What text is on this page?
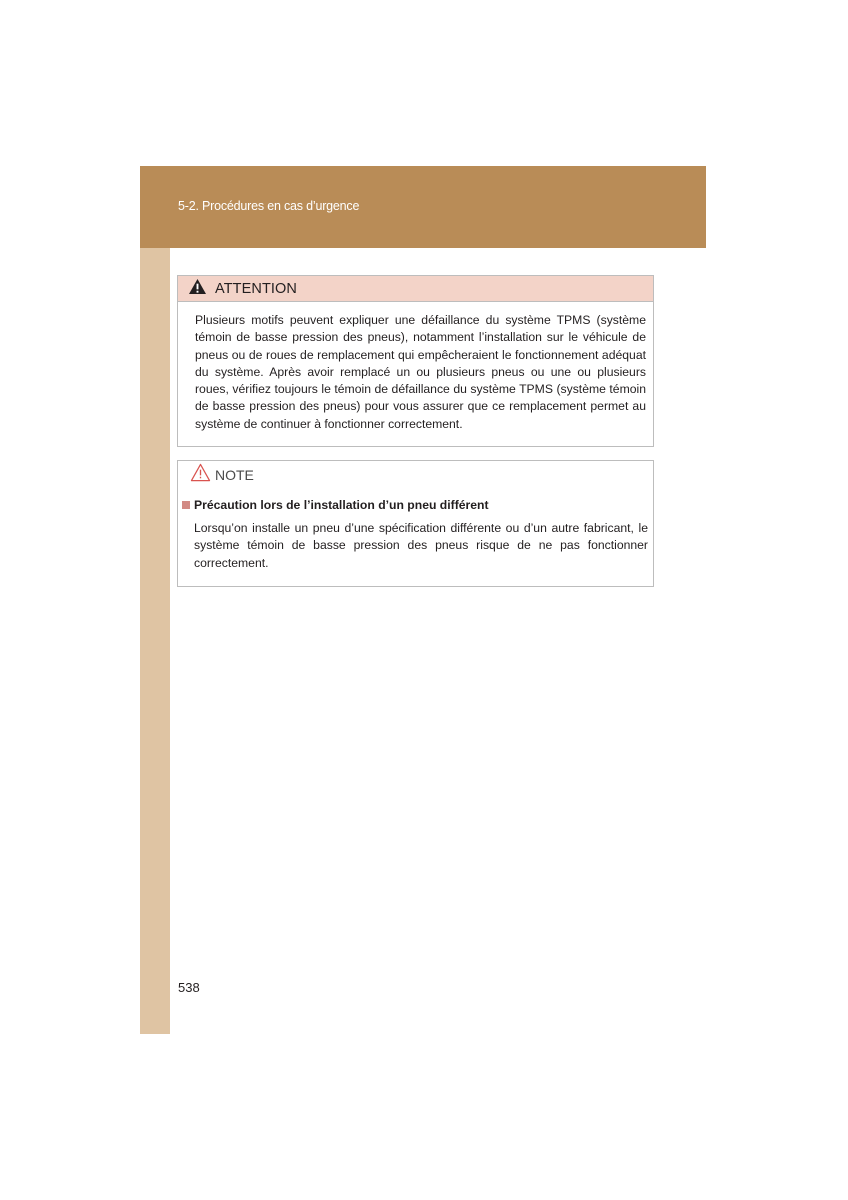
5-2. Procédures en cas d’urgence
ATTENTION
Plusieurs motifs peuvent expliquer une défaillance du système TPMS (système témoin de basse pression des pneus), notamment l’installation sur le véhicule de pneus ou de roues de remplacement qui empêcheraient le fonctionnement adéquat du système. Après avoir remplacé un ou plusieurs pneus ou une ou plusieurs roues, vérifiez toujours le témoin de défaillance du système TPMS (système témoin de basse pression des pneus) pour vous assurer que ce remplacement permet au système de continuer à fonctionner correctement.
NOTE
Précaution lors de l’installation d’un pneu différent
Lorsqu’on installe un pneu d’une spécification différente ou d’un autre fabricant, le système témoin de basse pression des pneus risque de ne pas fonctionner correctement.
538
